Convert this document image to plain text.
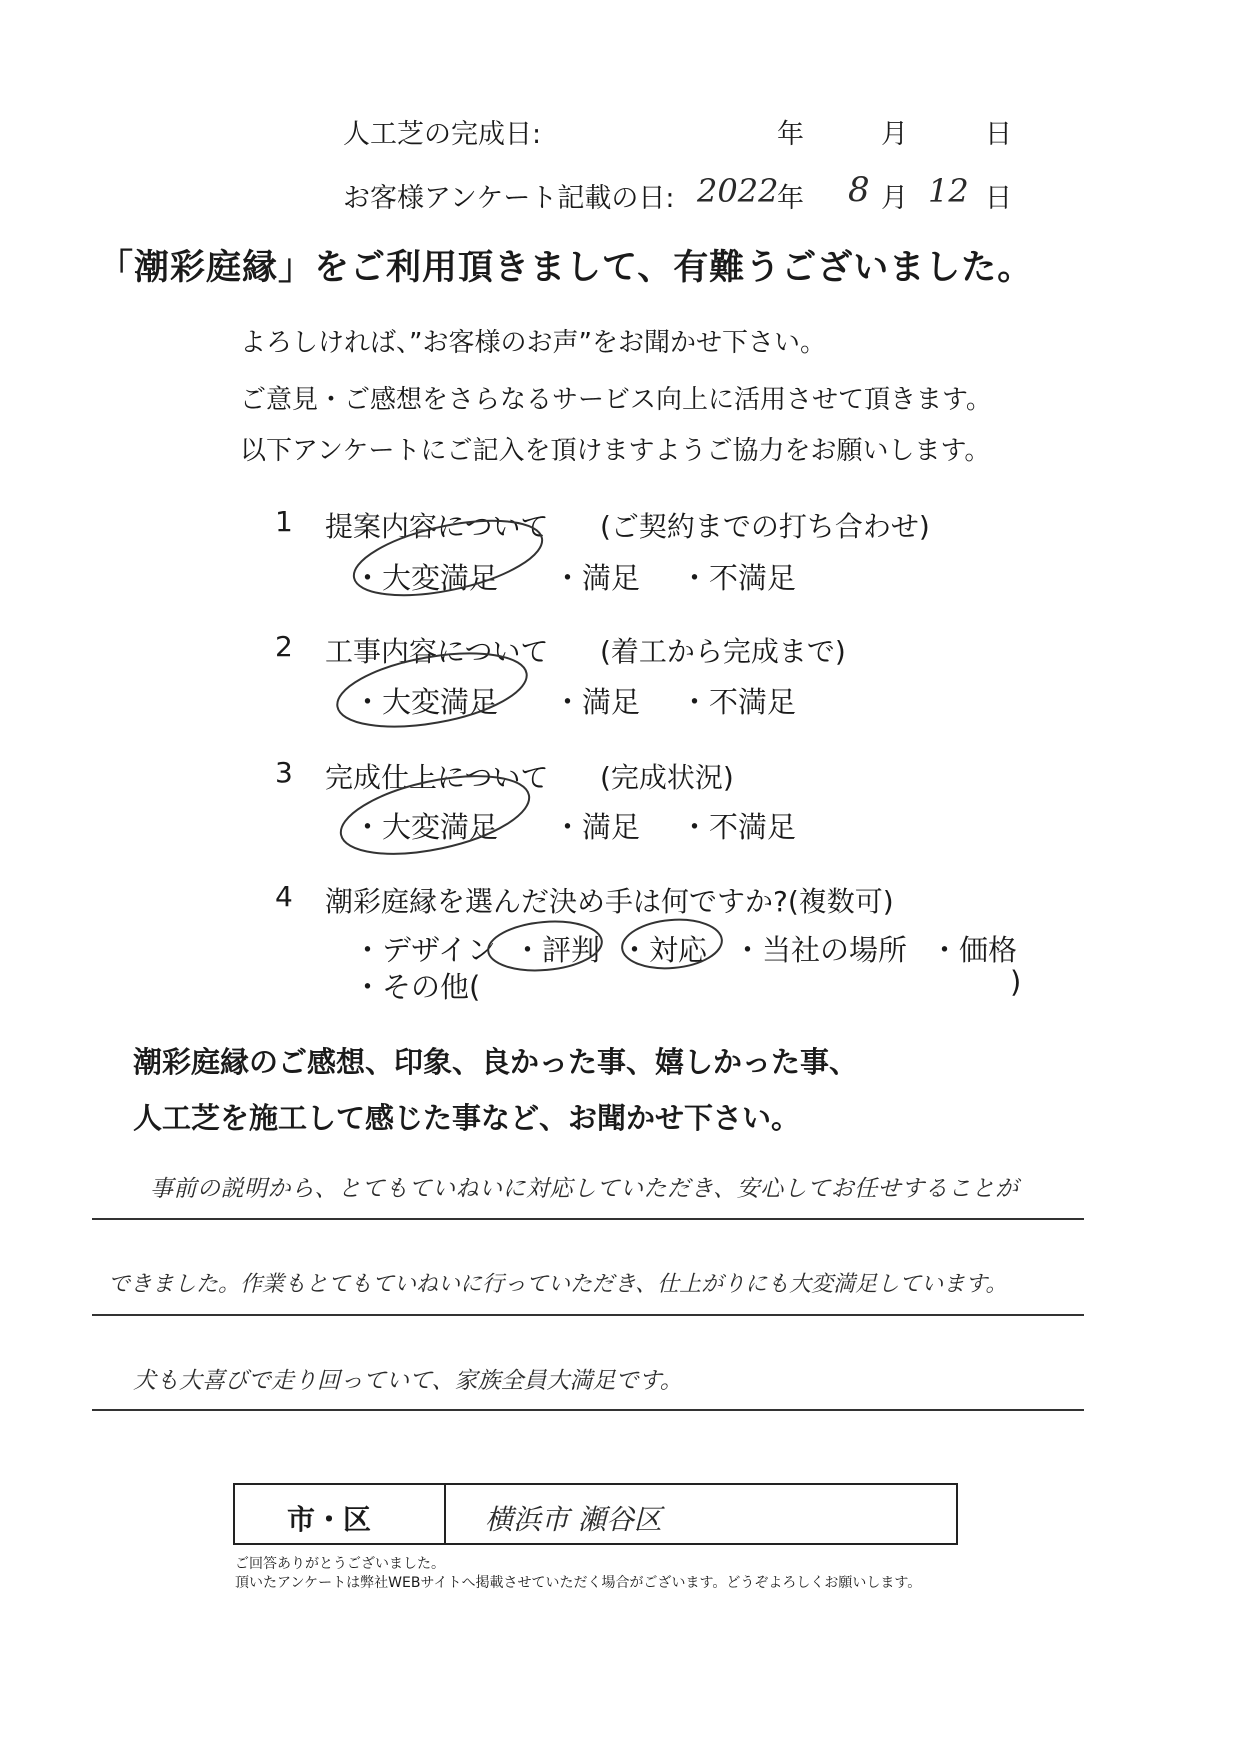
人工芝の完成日:	年	月	日
お客様アンケート記載の日: 2022
年 8 月 12 日
「潮彩庭縁」をご利用頂きまして、有難うございました。
よろしければ、”お客様のお声”をお聞かせ下さい。
ご意見・ご感想をさらなるサービス向上に活用させて頂きます。
以下アンケートにご記入を頂けますようご協力をお願いします。
1 提案内容について (ご契約までの打ち合わせ)
・大変満足 ・満足 ・不満足
2 工事内容について (着工から完成まで)
・大変満足 ・満足 ・不満足
3 完成仕上について (完成状況)
・大変満足 ・満足 ・不満足
4 潮彩庭縁を選んだ決め手は何ですか?(複数可)
・デザイン ・評判 ・対応 ・当社の場所 ・価格
・その他(	)
潮彩庭縁のご感想、印象、良かった事、嬉しかった事、
人工芝を施工して感じた事など、お聞かせ下さい。
事前の説明から、とてもていねいに対応していただき、安心してお任せすることが
できました。作業もとてもていねいに行っていただき、仕上がりにも大変満足しています。
犬も大喜びで走り回っていて、家族全員大満足です。
市・区	横浜市 瀬谷区
ご回答ありがとうございました。
頂いたアンケートは弊社WEBサイトへ掲載させていただく場合がございます。どうぞよろしくお願いします。
